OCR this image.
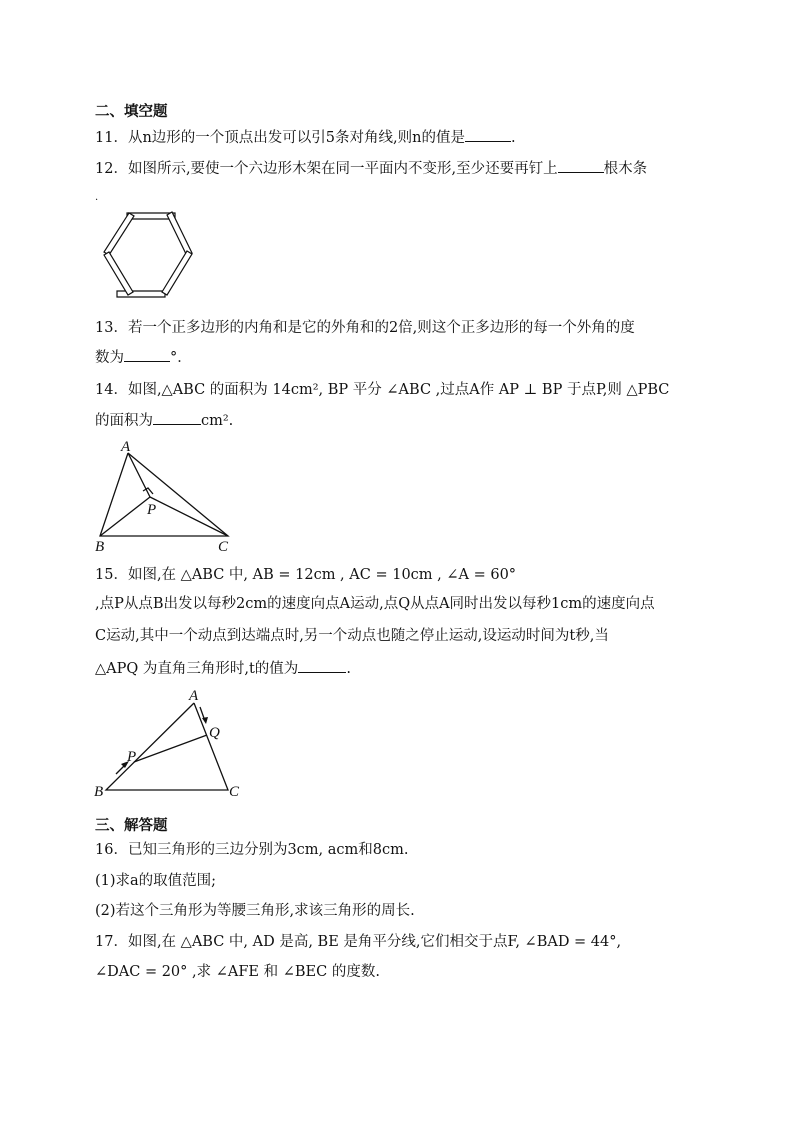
二、填空题
11．从n边形的一个顶点出发可以引5条对角线,则n的值是	.
12．如图所示,要使一个六边形木架在同一平面内不变形,至少还要再钉上	根木条
.
13．若一个正多边形的内角和是它的外角和的2倍,则这个正多边形的每一个外角的度
数为	°．
14．如图,△ABC 的面积为 14cm², BP 平分 ∠ABC ,过点A作 AP ⊥ BP 于点P,则 △PBC
的面积为	cm².
A
B	C
P
15．如图,在 △ABC 中, AB = 12cm , AC = 10cm , ∠A = 60°
,点P从点B出发以每秒2cm的速度向点A运动,点Q从点A同时出发以每秒1cm的速度向点
C运动,其中一个动点到达端点时,另一个动点也随之停止运动,设运动时间为t秒,当
△APQ 为直角三角形时,t的值为	.
A
B	C
P
Q
三、解答题
16．已知三角形的三边分别为3cm, acm和8cm.
(1)求a的取值范围;
(2)若这个三角形为等腰三角形,求该三角形的周长.
17．如图,在 △ABC 中, AD 是高, BE 是角平分线,它们相交于点F, ∠BAD = 44°,
∠DAC = 20° ,求 ∠AFE 和 ∠BEC 的度数.
